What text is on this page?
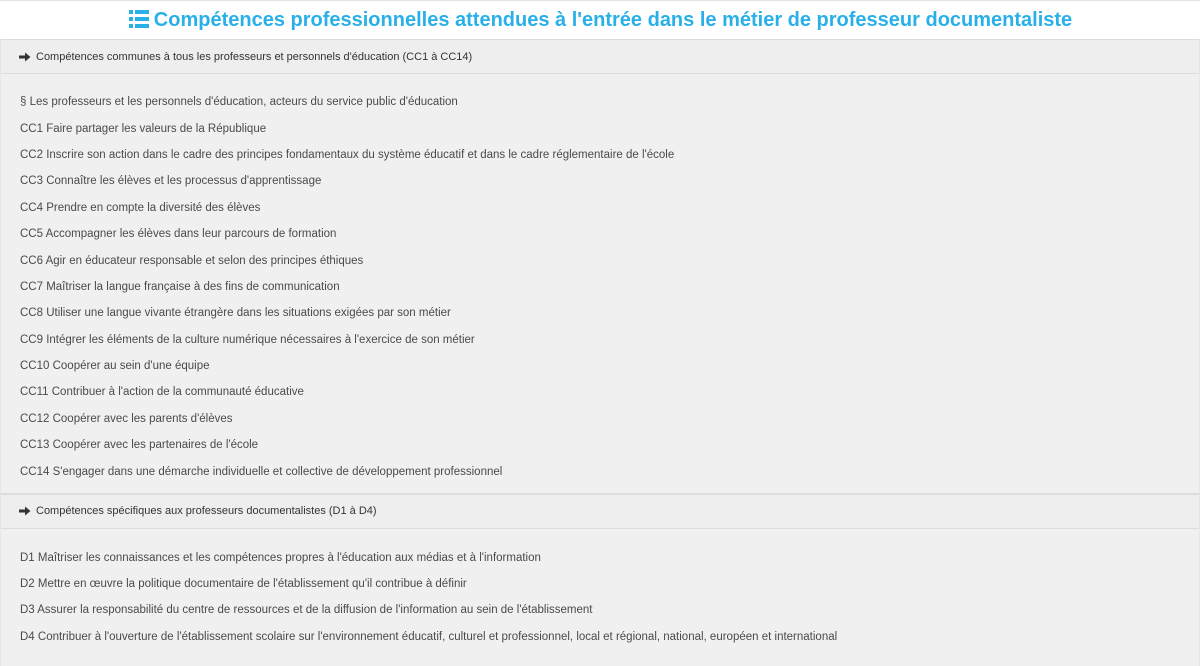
Compétences professionnelles attendues à l'entrée dans le métier de professeur documentaliste
Compétences communes à tous les professeurs et personnels d'éducation (CC1 à CC14)
§ Les professeurs et les personnels d'éducation, acteurs du service public d'éducation
CC1 Faire partager les valeurs de la République
CC2 Inscrire son action dans le cadre des principes fondamentaux du système éducatif et dans le cadre réglementaire de l'école
CC3 Connaître les élèves et les processus d'apprentissage
CC4 Prendre en compte la diversité des élèves
CC5 Accompagner les élèves dans leur parcours de formation
CC6 Agir en éducateur responsable et selon des principes éthiques
CC7 Maîtriser la langue française à des fins de communication
CC8 Utiliser une langue vivante étrangère dans les situations exigées par son métier
CC9 Intégrer les éléments de la culture numérique nécessaires à l'exercice de son métier
CC10 Coopérer au sein d'une équipe
CC11 Contribuer à l'action de la communauté éducative
CC12 Coopérer avec les parents d'élèves
CC13 Coopérer avec les partenaires de l'école
CC14 S'engager dans une démarche individuelle et collective de développement professionnel
Compétences spécifiques aux professeurs documentalistes (D1 à D4)
D1 Maîtriser les connaissances et les compétences propres à l'éducation aux médias et à l'information
D2 Mettre en œuvre la politique documentaire de l'établissement qu'il contribue à définir
D3 Assurer la responsabilité du centre de ressources et de la diffusion de l'information au sein de l'établissement
D4 Contribuer à l'ouverture de l'établissement scolaire sur l'environnement éducatif, culturel et professionnel, local et régional, national, européen et international
